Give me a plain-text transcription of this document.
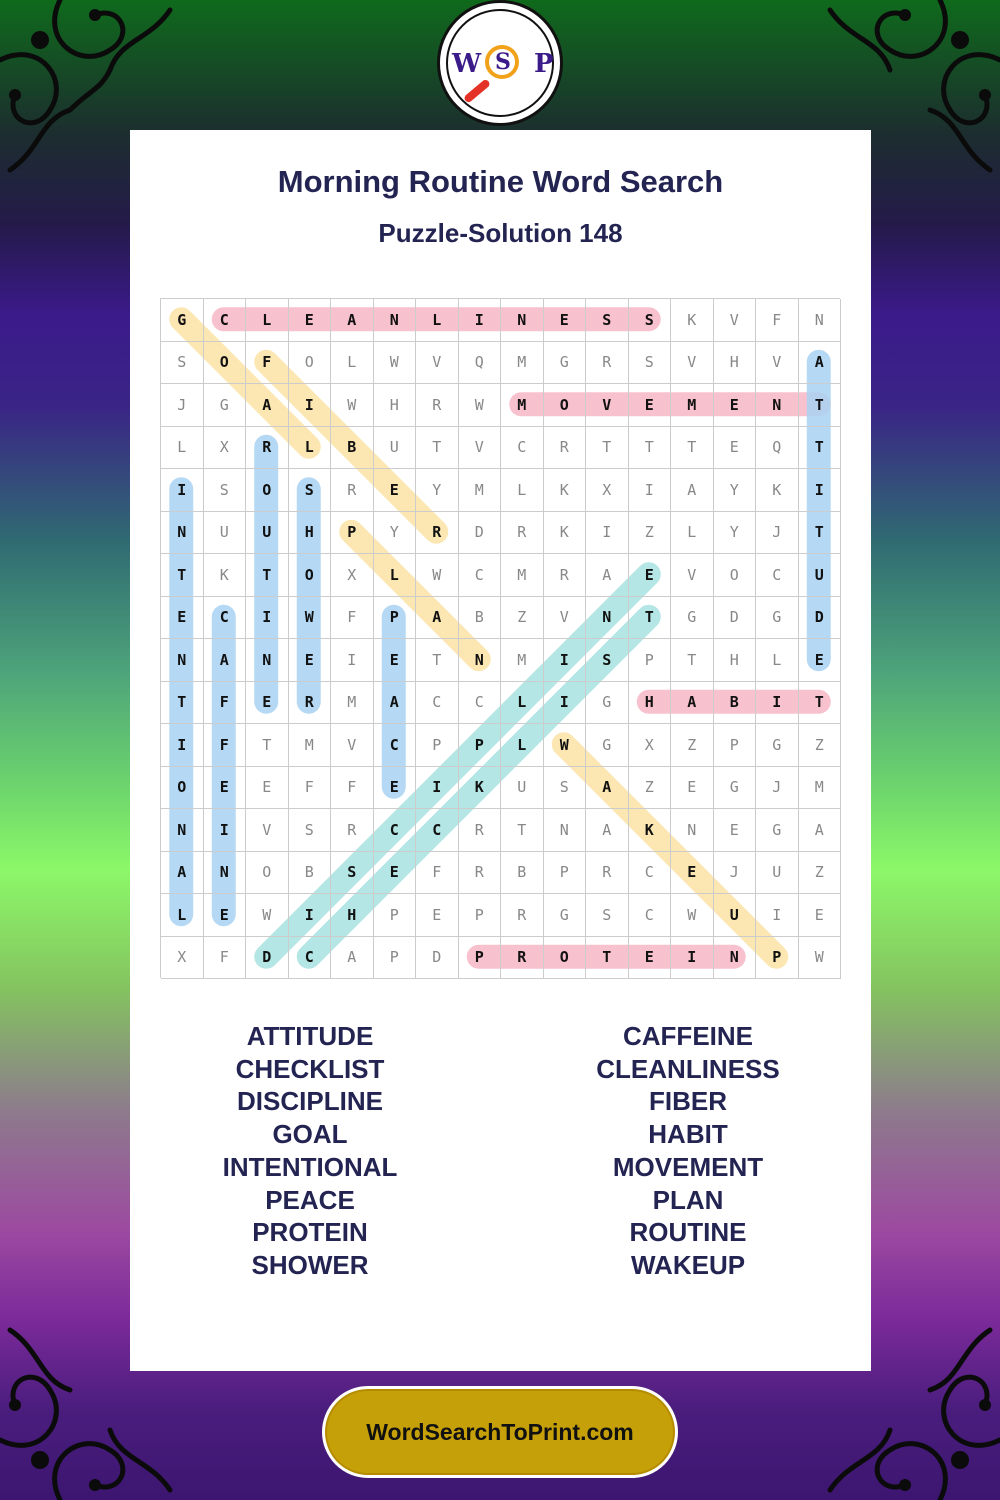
W S P
Morning Routine Word Search
Puzzle-Solution 148
G	C	L	E	A	N	L	I	N	E	S	S	K	V	F	N
S	O	F	O	L	W	V	Q	M	G	R	S	V	H	V	A
J	G	A	I	W	H	R	W	M	O	V	E	M	E	N	T
L	X	R	L	B	U	T	V	C	R	T	T	T	E	Q	T
I	S	O	S	R	E	Y	M	L	K	X	I	A	Y	K	I
N	U	U	H	P	Y	R	D	R	K	I	Z	L	Y	J	T
T	K	T	O	X	L	W	C	M	R	A	E	V	O	C	U
E	C	I	W	F	P	A	B	Z	V	N	T	G	D	G	D
N	A	N	E	I	E	T	N	M	I	S	P	T	H	L	E
T	F	E	R	M	A	C	C	L	I	G	H	A	B	I	T
I	F	T	M	V	C	P	P	L	W	G	X	Z	P	G	Z
O	E	E	F	F	E	I	K	U	S	A	Z	E	G	J	M
N	I	V	S	R	C	C	R	T	N	A	K	N	E	G	A
A	N	O	B	S	E	F	R	B	P	R	C	E	J	U	Z
L	E	W	I	H	P	E	P	R	G	S	C	W	U	I	E
X	F	D	C	A	P	D	P	R	O	T	E	I	N	P	W
ATTITUDE
CHECKLIST
DISCIPLINE
GOAL
INTENTIONAL
PEACE
PROTEIN
SHOWER
CAFFEINE
CLEANLINESS
FIBER
HABIT
MOVEMENT
PLAN
ROUTINE
WAKEUP
WordSearchToPrint.com
